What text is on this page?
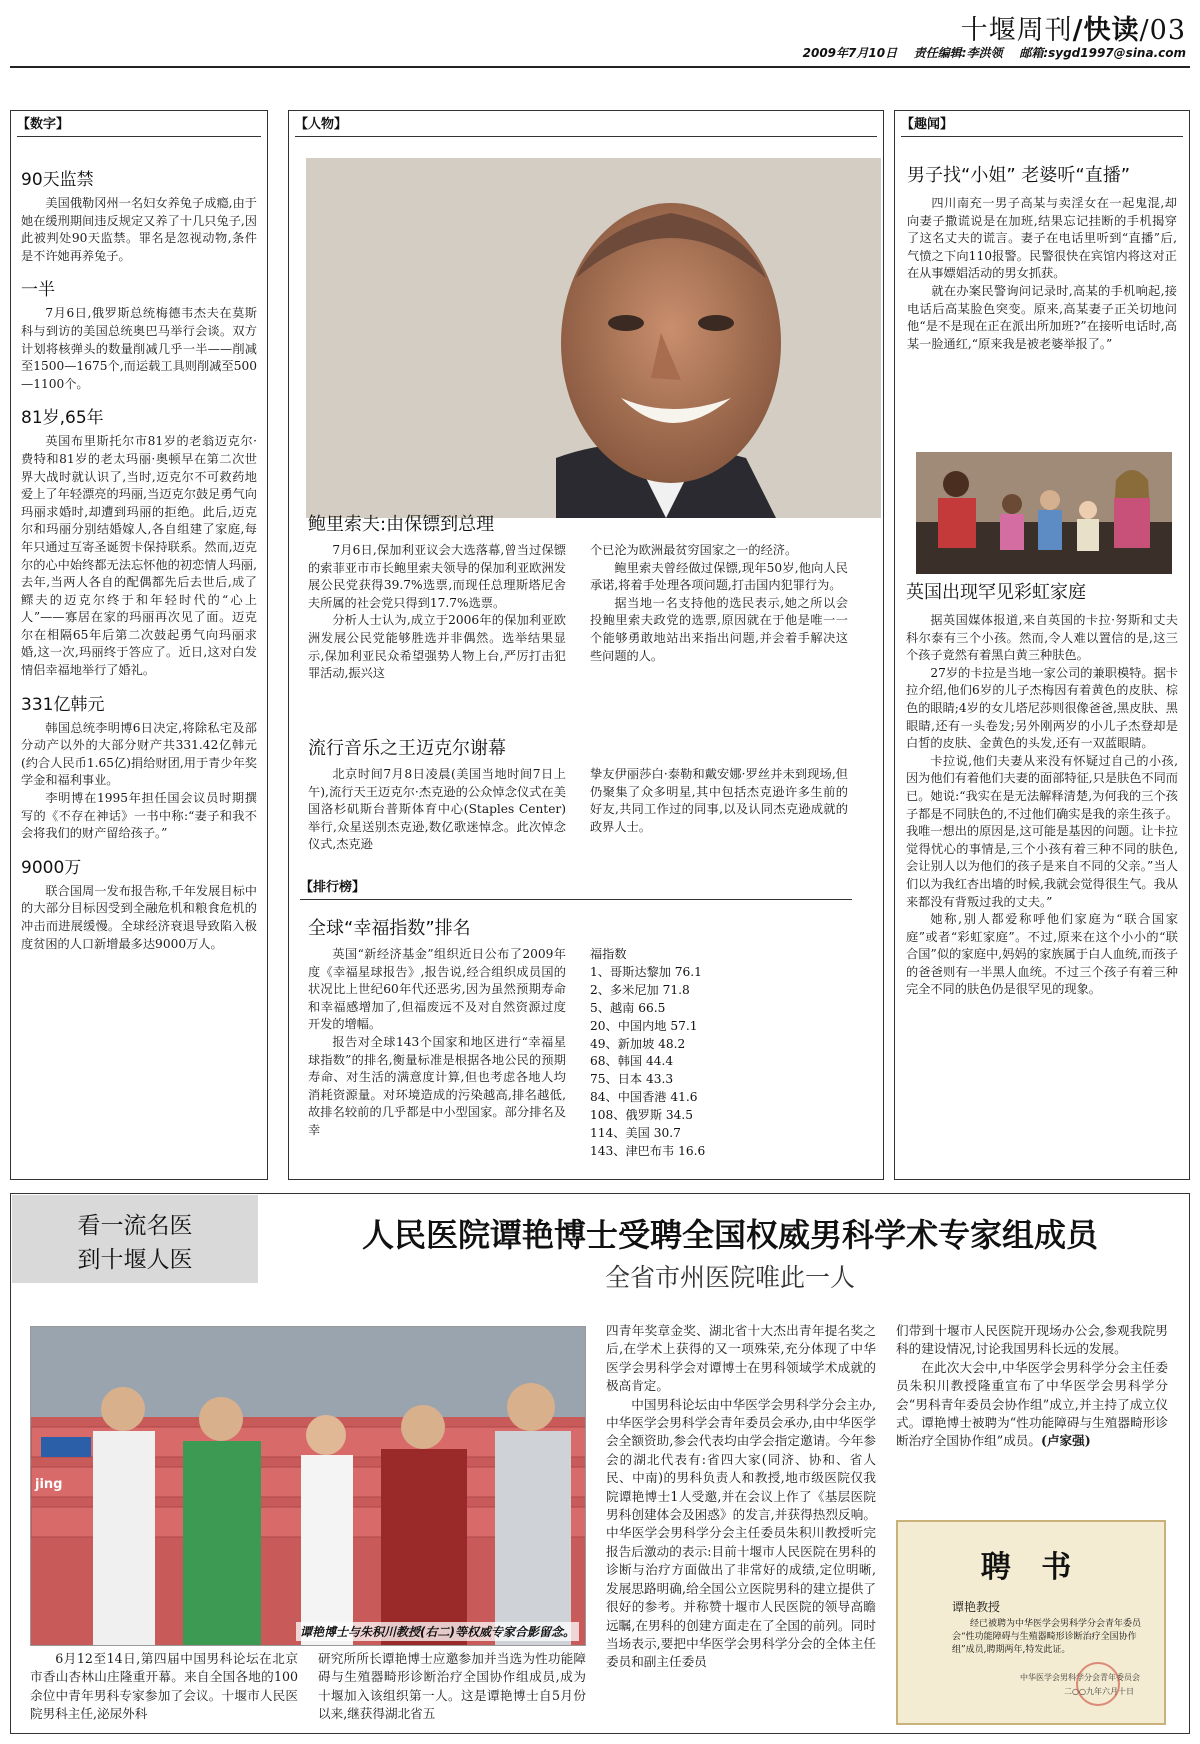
十堰周刊/快读/03
2009年7月10日 责任编辑:李洪领 邮箱:sygd1997@sina.com
【数字】
90天监禁
美国俄勒冈州一名妇女养兔子成瘾,由于她在缓刑期间违反规定又养了十几只兔子,因此被判处90天监禁。罪名是忽视动物,条件是不许她再养兔子。
一半
7月6日,俄罗斯总统梅德韦杰夫在莫斯科与到访的美国总统奥巴马举行会谈。双方计划将核弹头的数量削减几乎一半——削减至1500—1675个,而运载工具则削减至500—1100个。
81岁,65年
英国布里斯托尔市81岁的老翁迈克尔·费特和81岁的老太玛丽·奥顿早在第二次世界大战时就认识了,当时,迈克尔不可救药地爱上了年轻漂亮的玛丽,当迈克尔鼓足勇气向玛丽求婚时,却遭到玛丽的拒绝。此后,迈克尔和玛丽分别结婚嫁人,各自组建了家庭,每年只通过互寄圣诞贺卡保持联系。然而,迈克尔的心中始终都无法忘怀他的初恋情人玛丽,去年,当两人各自的配偶都先后去世后,成了鳏夫的迈克尔终于和年轻时代的“心上人”——寡居在家的玛丽再次见了面。迈克尔在相隔65年后第二次鼓起勇气向玛丽求婚,这一次,玛丽终于答应了。近日,这对白发情侣幸福地举行了婚礼。
331亿韩元
韩国总统李明博6日决定,将除私宅及部分动产以外的大部分财产共331.42亿韩元(约合人民币1.65亿)捐给财团,用于青少年奖学金和福利事业。
李明博在1995年担任国会议员时期撰写的《不存在神话》一书中称:“妻子和我不会将我们的财产留给孩子。”
9000万
联合国周一发布报告称,千年发展目标中的大部分目标因受到全融危机和粮食危机的冲击而进展缓慢。全球经济衰退导致陷入极度贫困的人口新增最多达9000万人。
【人物】
鲍里索夫:由保镖到总理
7月6日,保加利亚议会大选落幕,曾当过保镖的索菲亚市市长鲍里索夫领导的保加利亚欧洲发展公民党获得39.7%选票,而现任总理斯塔尼舍夫所属的社会党只得到17.7%选票。
分析人士认为,成立于2006年的保加利亚欧洲发展公民党能够胜选并非偶然。选举结果显示,保加利亚民众希望强势人物上台,严厉打击犯罪活动,振兴这
个已沦为欧洲最贫穷国家之一的经济。
鲍里索夫曾经做过保镖,现年50岁,他向人民承诺,将着手处理各项问题,打击国内犯罪行为。
据当地一名支持他的选民表示,她之所以会投鲍里索夫政党的选票,原因就在于他是唯一一个能够勇敢地站出来指出问题,并会着手解决这些问题的人。
流行音乐之王迈克尔谢幕
北京时间7月8日凌晨(美国当地时间7日上午),流行天王迈克尔·杰克逊的公众悼念仪式在美国洛杉矶斯台普斯体育中心(Staples Center)举行,众星送别杰克逊,数亿歌迷悼念。此次悼念仪式,杰克逊
挚友伊丽莎白·泰勒和戴安娜·罗丝并未到现场,但仍聚集了众多明星,其中包括杰克逊许多生前的好友,共同工作过的同事,以及认同杰克逊成就的政界人士。
【排行榜】
全球“幸福指数”排名
英国“新经济基金”组织近日公布了2009年度《幸福星球报告》,报告说,经合组织成员国的状况比上世纪60年代还恶劣,因为虽然预期寿命和幸福感增加了,但福废远不及对自然资源过度开发的增幅。
报告对全球143个国家和地区进行“幸福星球指数”的排名,衡量标准是根据各地公民的预期寿命、对生活的满意度计算,但也考虑各地人均消耗资源量。对环境造成的污染越高,排名越低,故排名较前的几乎都是中小型国家。部分排名及幸
福指数
1、哥斯达黎加 76.1
2、多米尼加 71.8
5、越南 66.5
20、中国内地 57.1
49、新加坡 48.2
68、韩国 44.4
75、日本 43.3
84、中国香港 41.6
108、俄罗斯 34.5
114、美国 30.7
143、津巴布韦 16.6
【趣闻】
男子找“小姐” 老婆听“直播”
四川南充一男子高某与卖淫女在一起鬼混,却向妻子撒谎说是在加班,结果忘记挂断的手机揭穿了这名丈夫的谎言。妻子在电话里听到“直播”后,气愤之下向110报警。民警很快在宾馆内将这对正在从事嫖娼活动的男女抓获。
就在办案民警询问记录时,高某的手机响起,接电话后高某脸色突变。原来,高某妻子正关切地问他“是不是现在正在派出所加班?”在接听电话时,高某一脸通红,“原来我是被老婆举报了。”
英国出现罕见彩虹家庭
据英国媒体报道,来自英国的卡拉·努斯和丈夫科尔泰有三个小孩。然而,令人难以置信的是,这三个孩子竟然有着黑白黄三种肤色。
27岁的卡拉是当地一家公司的兼职模特。据卡拉介绍,他们6岁的儿子杰梅因有着黄色的皮肤、棕色的眼睛;4岁的女儿塔尼莎则很像爸爸,黑皮肤、黑眼睛,还有一头卷发;另外刚两岁的小儿子杰登却是白皙的皮肤、金黄色的头发,还有一双蓝眼睛。
卡拉说,他们夫妻从来没有怀疑过自己的小孩,因为他们有着他们夫妻的面部特征,只是肤色不同而已。她说:“我实在是无法解释清楚,为何我的三个孩子都是不同肤色的,不过他们确实是我的亲生孩子。我唯一想出的原因是,这可能是基因的问题。让卡拉觉得忧心的事情是,三个小孩有着三种不同的肤色,会让别人以为他们的孩子是来自不同的父亲。”当人们以为我红杏出墙的时候,我就会觉得很生气。我从来都没有背叛过我的丈夫。”
她称,别人都爱称呼他们家庭为“联合国家庭”或者“彩虹家庭”。不过,原来在这个小小的“联合国”似的家庭中,妈妈的家族属于白人血统,而孩子的爸爸则有一半黑人血统。不过三个孩子有着三种完全不同的肤色仍是很罕见的现象。
看一流名医
到十堰人医
人民医院谭艳博士受聘全国权威男科学术专家组成员
全省市州医院唯此一人
jing
谭艳博士与朱积川教授(右二)等权威专家合影留念。
6月12至14日,第四届中国男科论坛在北京市香山杏林山庄隆重开幕。来自全国各地的100余位中青年男科专家参加了会议。十堰市人民医院男科主任,泌尿外科
研究所所长谭艳博士应邀参加并当选为性功能障碍与生殖器畸形诊断治疗全国协作组成员,成为十堰加入该组织第一人。这是谭艳博士自5月份以来,继获得湖北省五
四青年奖章金奖、湖北省十大杰出青年提名奖之后,在学术上获得的又一项殊荣,充分体现了中华医学会男科学会对谭博士在男科领域学术成就的极高肯定。
中国男科论坛由中华医学会男科学分会主办,中华医学会男科学会青年委员会承办,由中华医学会全额资助,参会代表均由学会指定邀请。今年参会的湖北代表有:省四大家(同济、协和、省人民、中南)的男科负责人和教授,地市级医院仅我院谭艳博士1人受邀,并在会议上作了《基层医院男科创建体会及困惑》的发言,并获得热烈反响。中华医学会男科学分会主任委员朱积川教授听完报告后激动的表示:目前十堰市人民医院在男科的诊断与治疗方面做出了非常好的成绩,定位明晰,发展思路明确,给全国公立医院男科的建立提供了很好的参考。并称赞十堰市人民医院的领导高瞻远瞩,在男科的创建方面走在了全国的前列。同时当场表示,要把中华医学会男科学分会的全体主任委员和副主任委员
们带到十堰市人民医院开现场办公会,参观我院男科的建设情况,讨论我国男科长远的发展。
在此次大会中,中华医学会男科学分会主任委员朱积川教授隆重宣布了中华医学会男科学分会“男科青年委员会协作组”成立,并主持了成立仪式。谭艳博士被聘为“性功能障碍与生殖器畸形诊断治疗全国协作组”成员。(卢家强)
聘 书
谭艳教授
经已被聘为中华医学会男科学分会青年委员会“性功能障碍与生殖器畸形诊断治疗全国协作组”成员,聘期两年,特发此证。
中华医学会男科学分会青年委员会
二○○九年六月十日
